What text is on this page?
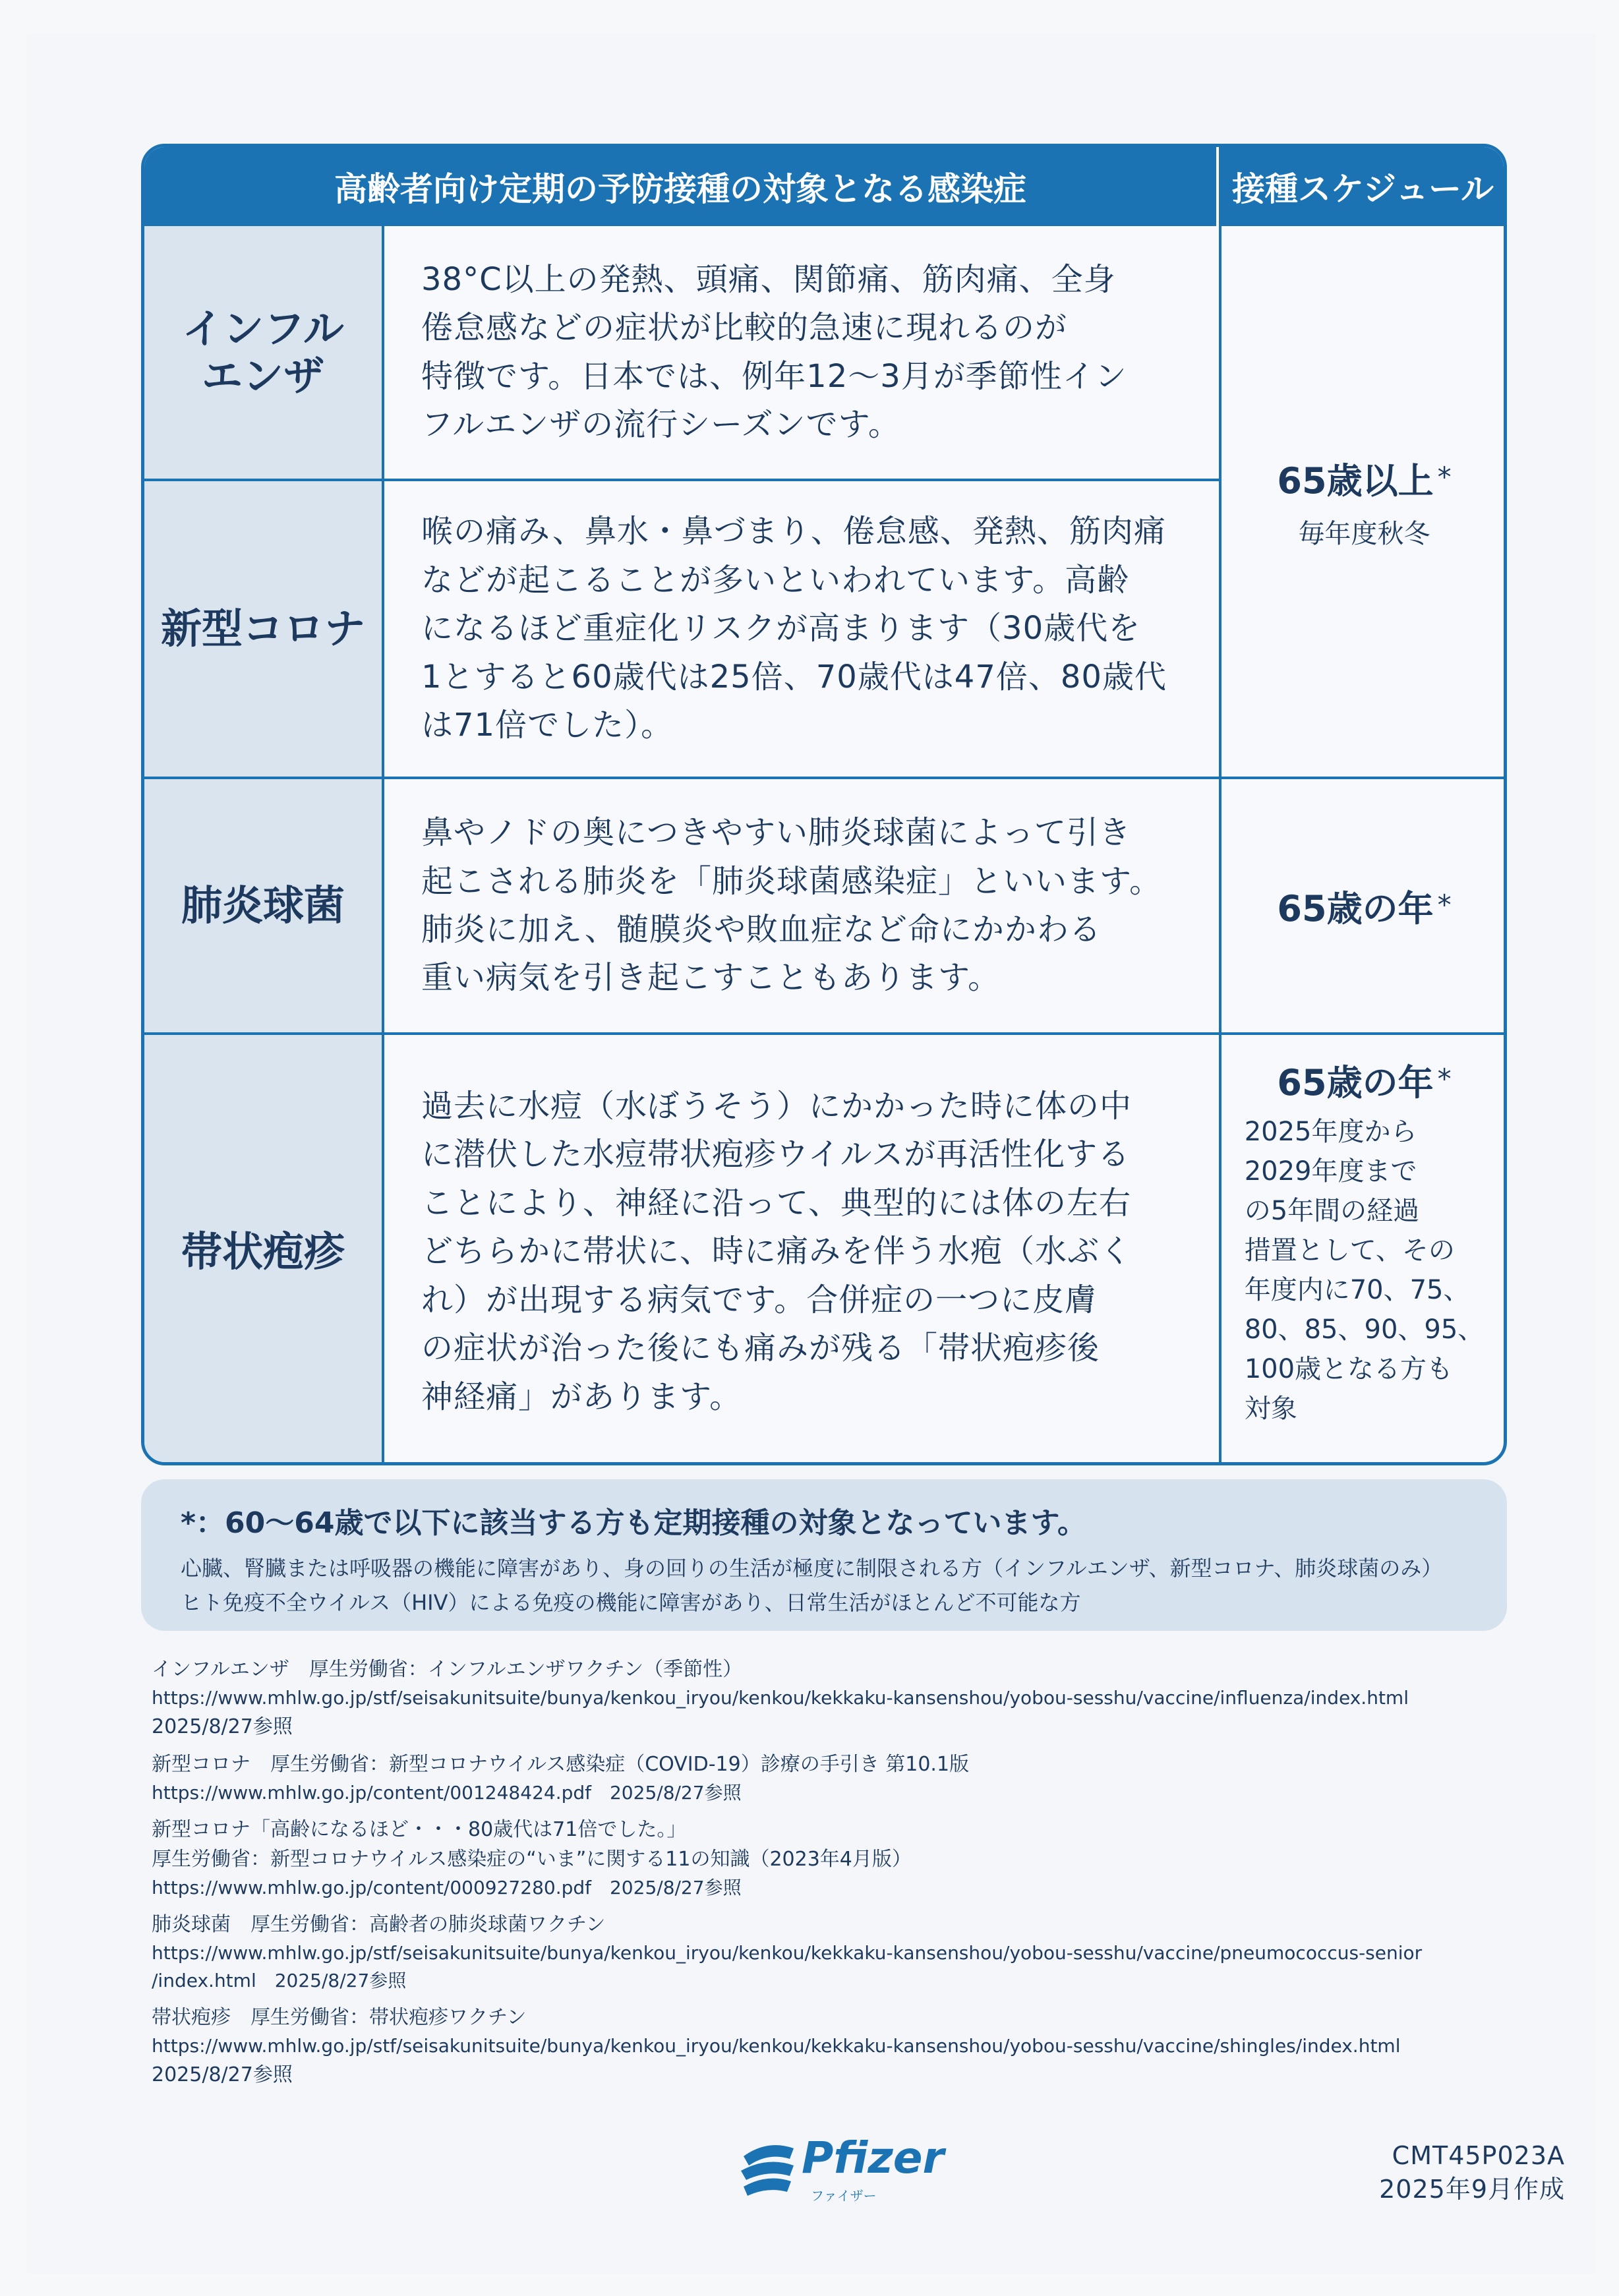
高齢者向け定期の予防接種の対象となる感染症	接種スケジュール
インフル
エンザ
38°C以上の発熱、頭痛、関節痛、筋肉痛、全身
倦怠感などの症状が比較的急速に現れるのが
特徴です。日本では、例年12～3月が季節性イン
フルエンザの流行シーズンです。
新型コロナ
喉の痛み、鼻水・鼻づまり、倦怠感、発熱、筋肉痛
などが起こることが多いといわれています。高齢
になるほど重症化リスクが高まります（30歳代を
1とすると60歳代は25倍、70歳代は47倍、80歳代
は71倍でした）。
肺炎球菌
鼻やノドの奥につきやすい肺炎球菌によって引き
起こされる肺炎を「肺炎球菌感染症」といいます。
肺炎に加え、髄膜炎や敗血症など命にかかわる
重い病気を引き起こすこともあります。
帯状疱疹
過去に水痘（水ぼうそう）にかかった時に体の中
に潜伏した水痘帯状疱疹ウイルスが再活性化する
ことにより、神経に沿って、典型的には体の左右
どちらかに帯状に、時に痛みを伴う水疱（水ぶく
れ）が出現する病気です。合併症の一つに皮膚
の症状が治った後にも痛みが残る「帯状疱疹後
神経痛」があります。
65歳以上 *
毎年度秋冬
65歳の年 *
65歳の年 *
2025年度から
2029年度まで
の5年間の経過
措置として、その
年度内に70、75、
80、85、90、95、
100歳となる方も
対象
*：60～64歳で以下に該当する方も定期接種の対象となっています。
心臓、腎臓または呼吸器の機能に障害があり、身の回りの生活が極度に制限される方（インフルエンザ、新型コロナ、肺炎球菌のみ）
ヒト免疫不全ウイルス（HIV）による免疫の機能に障害があり、日常生活がほとんど不可能な方
インフルエンザ　厚生労働省：インフルエンザワクチン（季節性）
https://www.mhlw.go.jp/stf/seisakunitsuite/bunya/kenkou_iryou/kenkou/kekkaku-kansenshou/yobou-sesshu/vaccine/influenza/index.html
2025/8/27参照
新型コロナ　厚生労働省：新型コロナウイルス感染症（COVID-19）診療の手引き 第10.1版
https://www.mhlw.go.jp/content/001248424.pdf　2025/8/27参照
新型コロナ「高齢になるほど・・・80歳代は71倍でした。」
厚生労働省：新型コロナウイルス感染症の“いま”に関する11の知識（2023年4月版）
https://www.mhlw.go.jp/content/000927280.pdf　2025/8/27参照
肺炎球菌　厚生労働省：高齢者の肺炎球菌ワクチン
https://www.mhlw.go.jp/stf/seisakunitsuite/bunya/kenkou_iryou/kenkou/kekkaku-kansenshou/yobou-sesshu/vaccine/pneumococcus-senior
/index.html　2025/8/27参照
帯状疱疹　厚生労働省：帯状疱疹ワクチン
https://www.mhlw.go.jp/stf/seisakunitsuite/bunya/kenkou_iryou/kenkou/kekkaku-kansenshou/yobou-sesshu/vaccine/shingles/index.html
2025/8/27参照
Pfizer
ファイザー
CMT45P023A
2025年9月作成
